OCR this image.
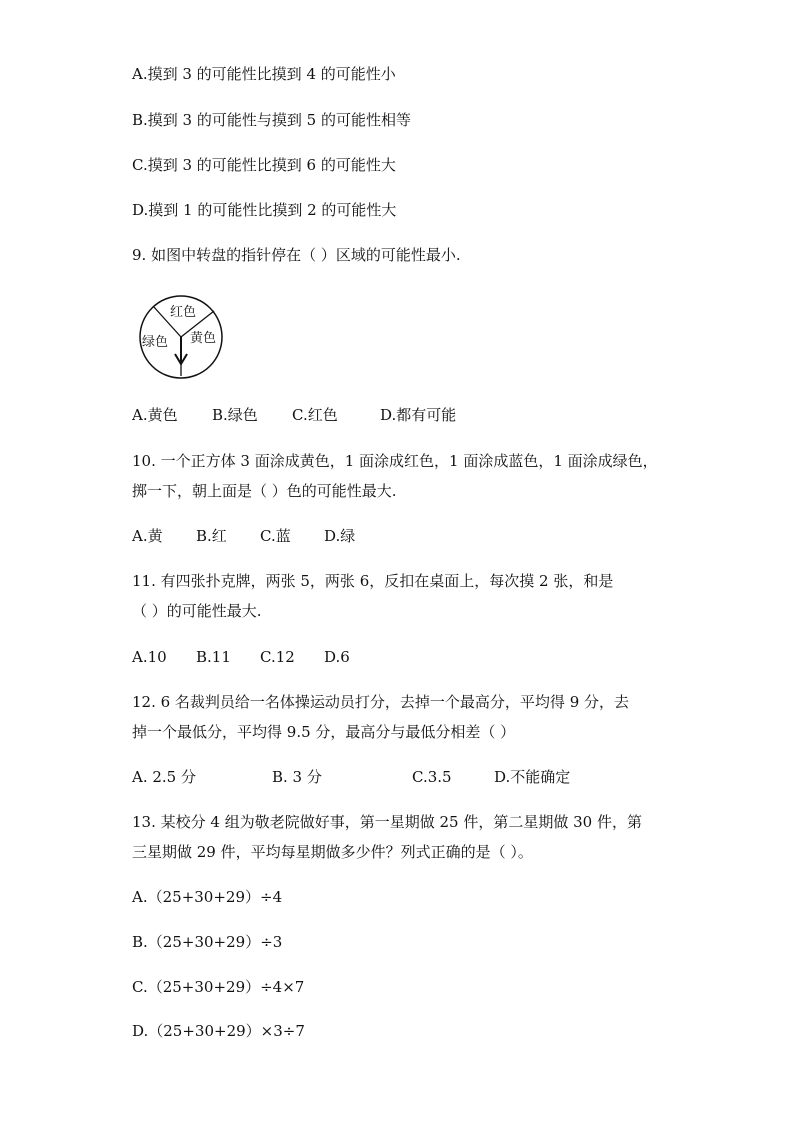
A.摸到 3 的可能性比摸到 4 的可能性小
B.摸到 3 的可能性与摸到 5 的可能性相等
C.摸到 3 的可能性比摸到 6 的可能性大
D.摸到 1 的可能性比摸到 2 的可能性大
9. 如图中转盘的指针停在（ ）区域的可能性最小.
红色
绿色 黄色
A.黄色 B.绿色 C.红色	D.都有可能
10. 一个正方体 3 面涂成黄色，1 面涂成红色，1 面涂成蓝色，1 面涂成绿色，
掷一下，朝上面是（ ）色的可能性最大.
A.黄 B.红 C.蓝 D.绿
11. 有四张扑克牌，两张 5，两张 6，反扣在桌面上，每次摸 2 张，和是
（ ）的可能性最大.
A.10 B.11 C.12 D.6
12. 6 名裁判员给一名体操运动员打分，去掉一个最高分，平均得 9 分，去
掉一个最低分，平均得 9.5 分，最高分与最低分相差（ ）
A. 2.5 分	B. 3 分	C.3.5	D.不能确定
13. 某校分 4 组为敬老院做好事，第一星期做 25 件，第二星期做 30 件，第
三星期做 29 件，平均每星期做多少件？列式正确的是（ ）。
A.（25+30+29）÷4
B.（25+30+29）÷3
C.（25+30+29）÷4×7
D.（25+30+29）×3÷7
